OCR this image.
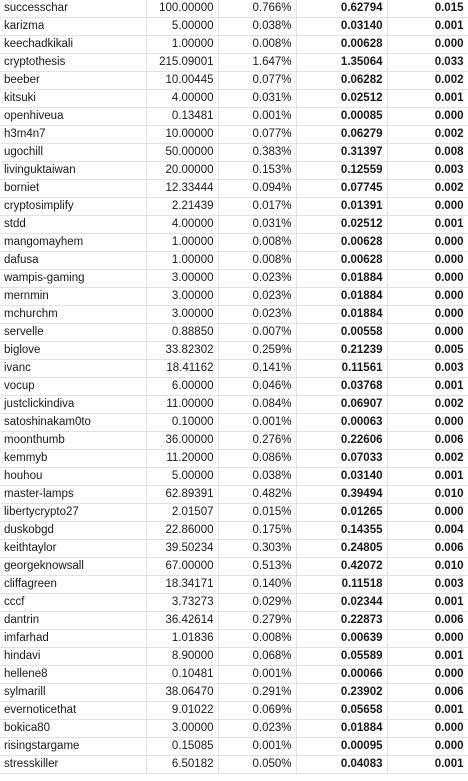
successchar	100.00000	0.766%	0.62794	0.015
karizma	5.00000	0.038%	0.03140	0.001
keechadkikali	1.00000	0.008%	0.00628	0.000
cryptothesis	215.09001	1.647%	1.35064	0.033
beeber	10.00445	0.077%	0.06282	0.002
kitsuki	4.00000	0.031%	0.02512	0.001
openhiveua	0.13481	0.001%	0.00085	0.000
h3m4n7	10.00000	0.077%	0.06279	0.002
ugochill	50.00000	0.383%	0.31397	0.008
livinguktaiwan	20.00000	0.153%	0.12559	0.003
borniet	12.33444	0.094%	0.07745	0.002
cryptosimplify	2.21439	0.017%	0.01391	0.000
stdd	4.00000	0.031%	0.02512	0.001
mangomayhem	1.00000	0.008%	0.00628	0.000
dafusa	1.00000	0.008%	0.00628	0.000
wampis-gaming	3.00000	0.023%	0.01884	0.000
mernmin	3.00000	0.023%	0.01884	0.000
mchurchm	3.00000	0.023%	0.01884	0.000
servelle	0.88850	0.007%	0.00558	0.000
biglove	33.82302	0.259%	0.21239	0.005
ivanc	18.41162	0.141%	0.11561	0.003
vocup	6.00000	0.046%	0.03768	0.001
justclickindiva	11.00000	0.084%	0.06907	0.002
satoshinakam0to	0.10000	0.001%	0.00063	0.000
moonthumb	36.00000	0.276%	0.22606	0.006
kemmyb	11.20000	0.086%	0.07033	0.002
houhou	5.00000	0.038%	0.03140	0.001
master-lamps	62.89391	0.482%	0.39494	0.010
libertycrypto27	2.01507	0.015%	0.01265	0.000
duskobgd	22.86000	0.175%	0.14355	0.004
keithtaylor	39.50234	0.303%	0.24805	0.006
georgeknowsall	67.00000	0.513%	0.42072	0.010
cliffagreen	18.34171	0.140%	0.11518	0.003
cccf	3.73273	0.029%	0.02344	0.001
dantrin	36.42614	0.279%	0.22873	0.006
imfarhad	1.01836	0.008%	0.00639	0.000
hindavi	8.90000	0.068%	0.05589	0.001
hellene8	0.10481	0.001%	0.00066	0.000
sylmarill	38.06470	0.291%	0.23902	0.006
evernoticethat	9.01022	0.069%	0.05658	0.001
bokica80	3.00000	0.023%	0.01884	0.000
risingstargame	0.15085	0.001%	0.00095	0.000
stresskiller	6.50182	0.050%	0.04083	0.001
